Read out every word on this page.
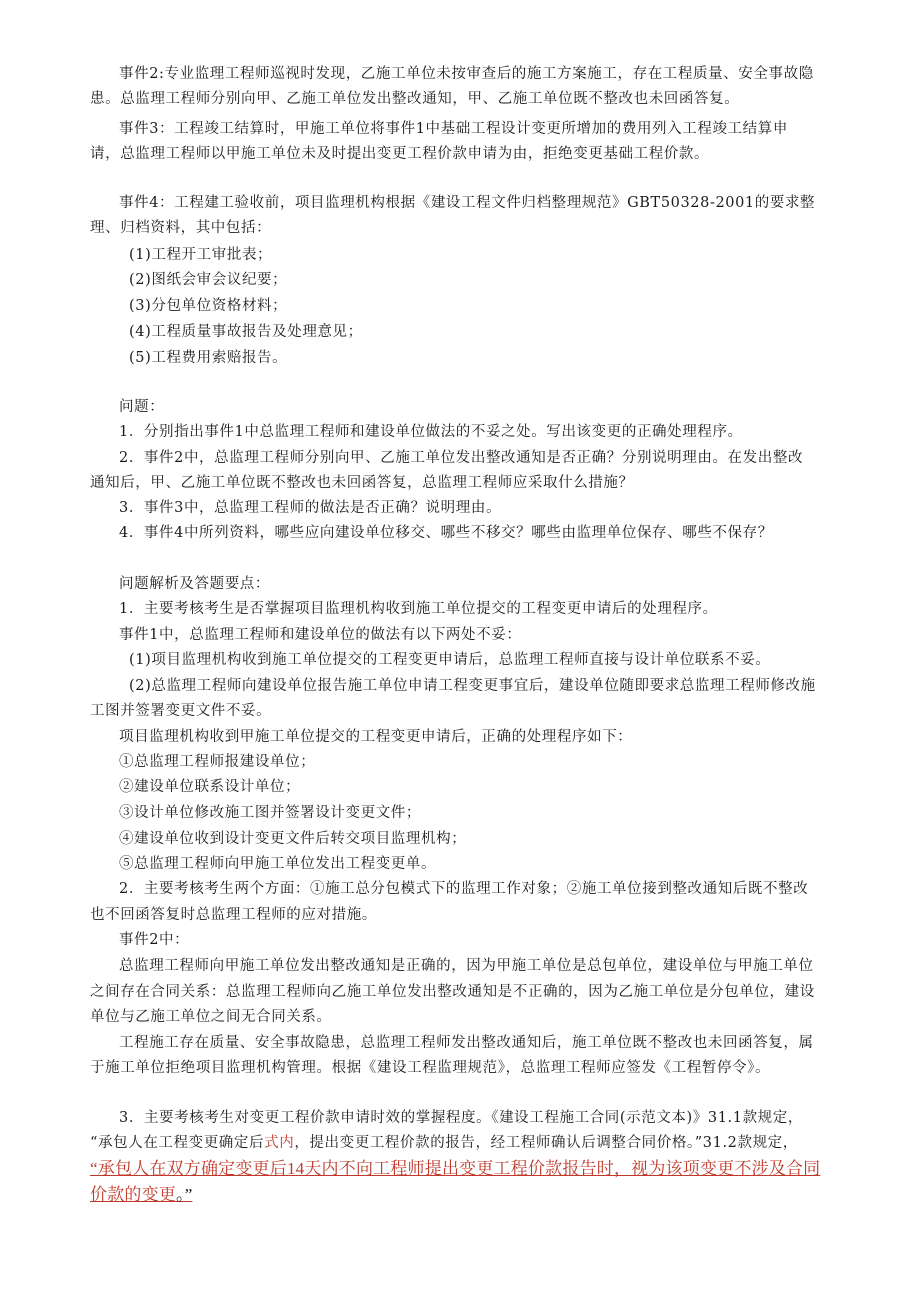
事件2:专业监理工程师巡视时发现，乙施工单位未按审查后的施工方案施工，存在工程质量、安全事故隐
患。总监理工程师分别向甲、乙施工单位发出整改通知，甲、乙施工单位既不整改也未回函答复。
事件3：工程竣工结算时，甲施工单位将事件1中基础工程设计变更所增加的费用列入工程竣工结算申
请，总监理工程师以甲施工单位未及时提出变更工程价款申请为由，拒绝变更基础工程价款。
事件4：工程建工验收前，项目监理机构根据《建设工程文件归档整理规范》GBT50328-2001的要求整
理、归档资料，其中包括：
(1)工程开工审批表；
(2)图纸会审会议纪要；
(3)分包单位资格材料；
(4)工程质量事故报告及处理意见；
(5)工程费用索赔报告。
问题：
1．分别指出事件1中总监理工程师和建设单位做法的不妥之处。写出该变更的正确处理程序。
2．事件2中，总监理工程师分别向甲、乙施工单位发出整改通知是否正确？分别说明理由。在发出整改
通知后，甲、乙施工单位既不整改也未回函答复，总监理工程师应采取什么措施？
3．事件3中，总监理工程师的做法是否正确？说明理由。
4．事件4中所列资料，哪些应向建设单位移交、哪些不移交？哪些由监理单位保存、哪些不保存？
问题解析及答题要点：
1．主要考核考生是否掌握项目监理机构收到施工单位提交的工程变更申请后的处理程序。
事件1中，总监理工程师和建设单位的做法有以下两处不妥：
(1)项目监理机构收到施工单位提交的工程变更申请后，总监理工程师直接与设计单位联系不妥。
(2)总监理工程师向建设单位报告施工单位申请工程变更事宜后，建设单位随即要求总监理工程师修改施
工图并签署变更文件不妥。
项目监理机构收到甲施工单位提交的工程变更申请后，正确的处理程序如下：
①总监理工程师报建设单位；
②建设单位联系设计单位；
③设计单位修改施工图并签署设计变更文件；
④建设单位收到设计变更文件后转交项目监理机构；
⑤总监理工程师向甲施工单位发出工程变更单。
2．主要考核考生两个方面：①施工总分包模式下的监理工作对象；②施工单位接到整改通知后既不整改
也不回函答复时总监理工程师的应对措施。
事件2中：
总监理工程师向甲施工单位发出整改通知是正确的，因为甲施工单位是总包单位，建设单位与甲施工单位
之间存在合同关系：总监理工程师向乙施工单位发出整改通知是不正确的，因为乙施工单位是分包单位，建设
单位与乙施工单位之间无合同关系。
工程施工存在质量、安全事故隐患，总监理工程师发出整改通知后，施工单位既不整改也未回函答复，属
于施工单位拒绝项目监理机构管理。根据《建设工程监理规范》，总监理工程师应签发《工程暂停令》。
3．主要考核考生对变更工程价款申请时效的掌握程度。《建设工程施工合同(示范文本)》31.1款规定，
“承包人在工程变更确定后式内，提出变更工程价款的报告，经工程师确认后调整合同价格。”31.2款规定，
“承包人在双方确定变更后14天内不向工程师提出变更工程价款报告时，视为该项变更不涉及合同
价款的变更。”
